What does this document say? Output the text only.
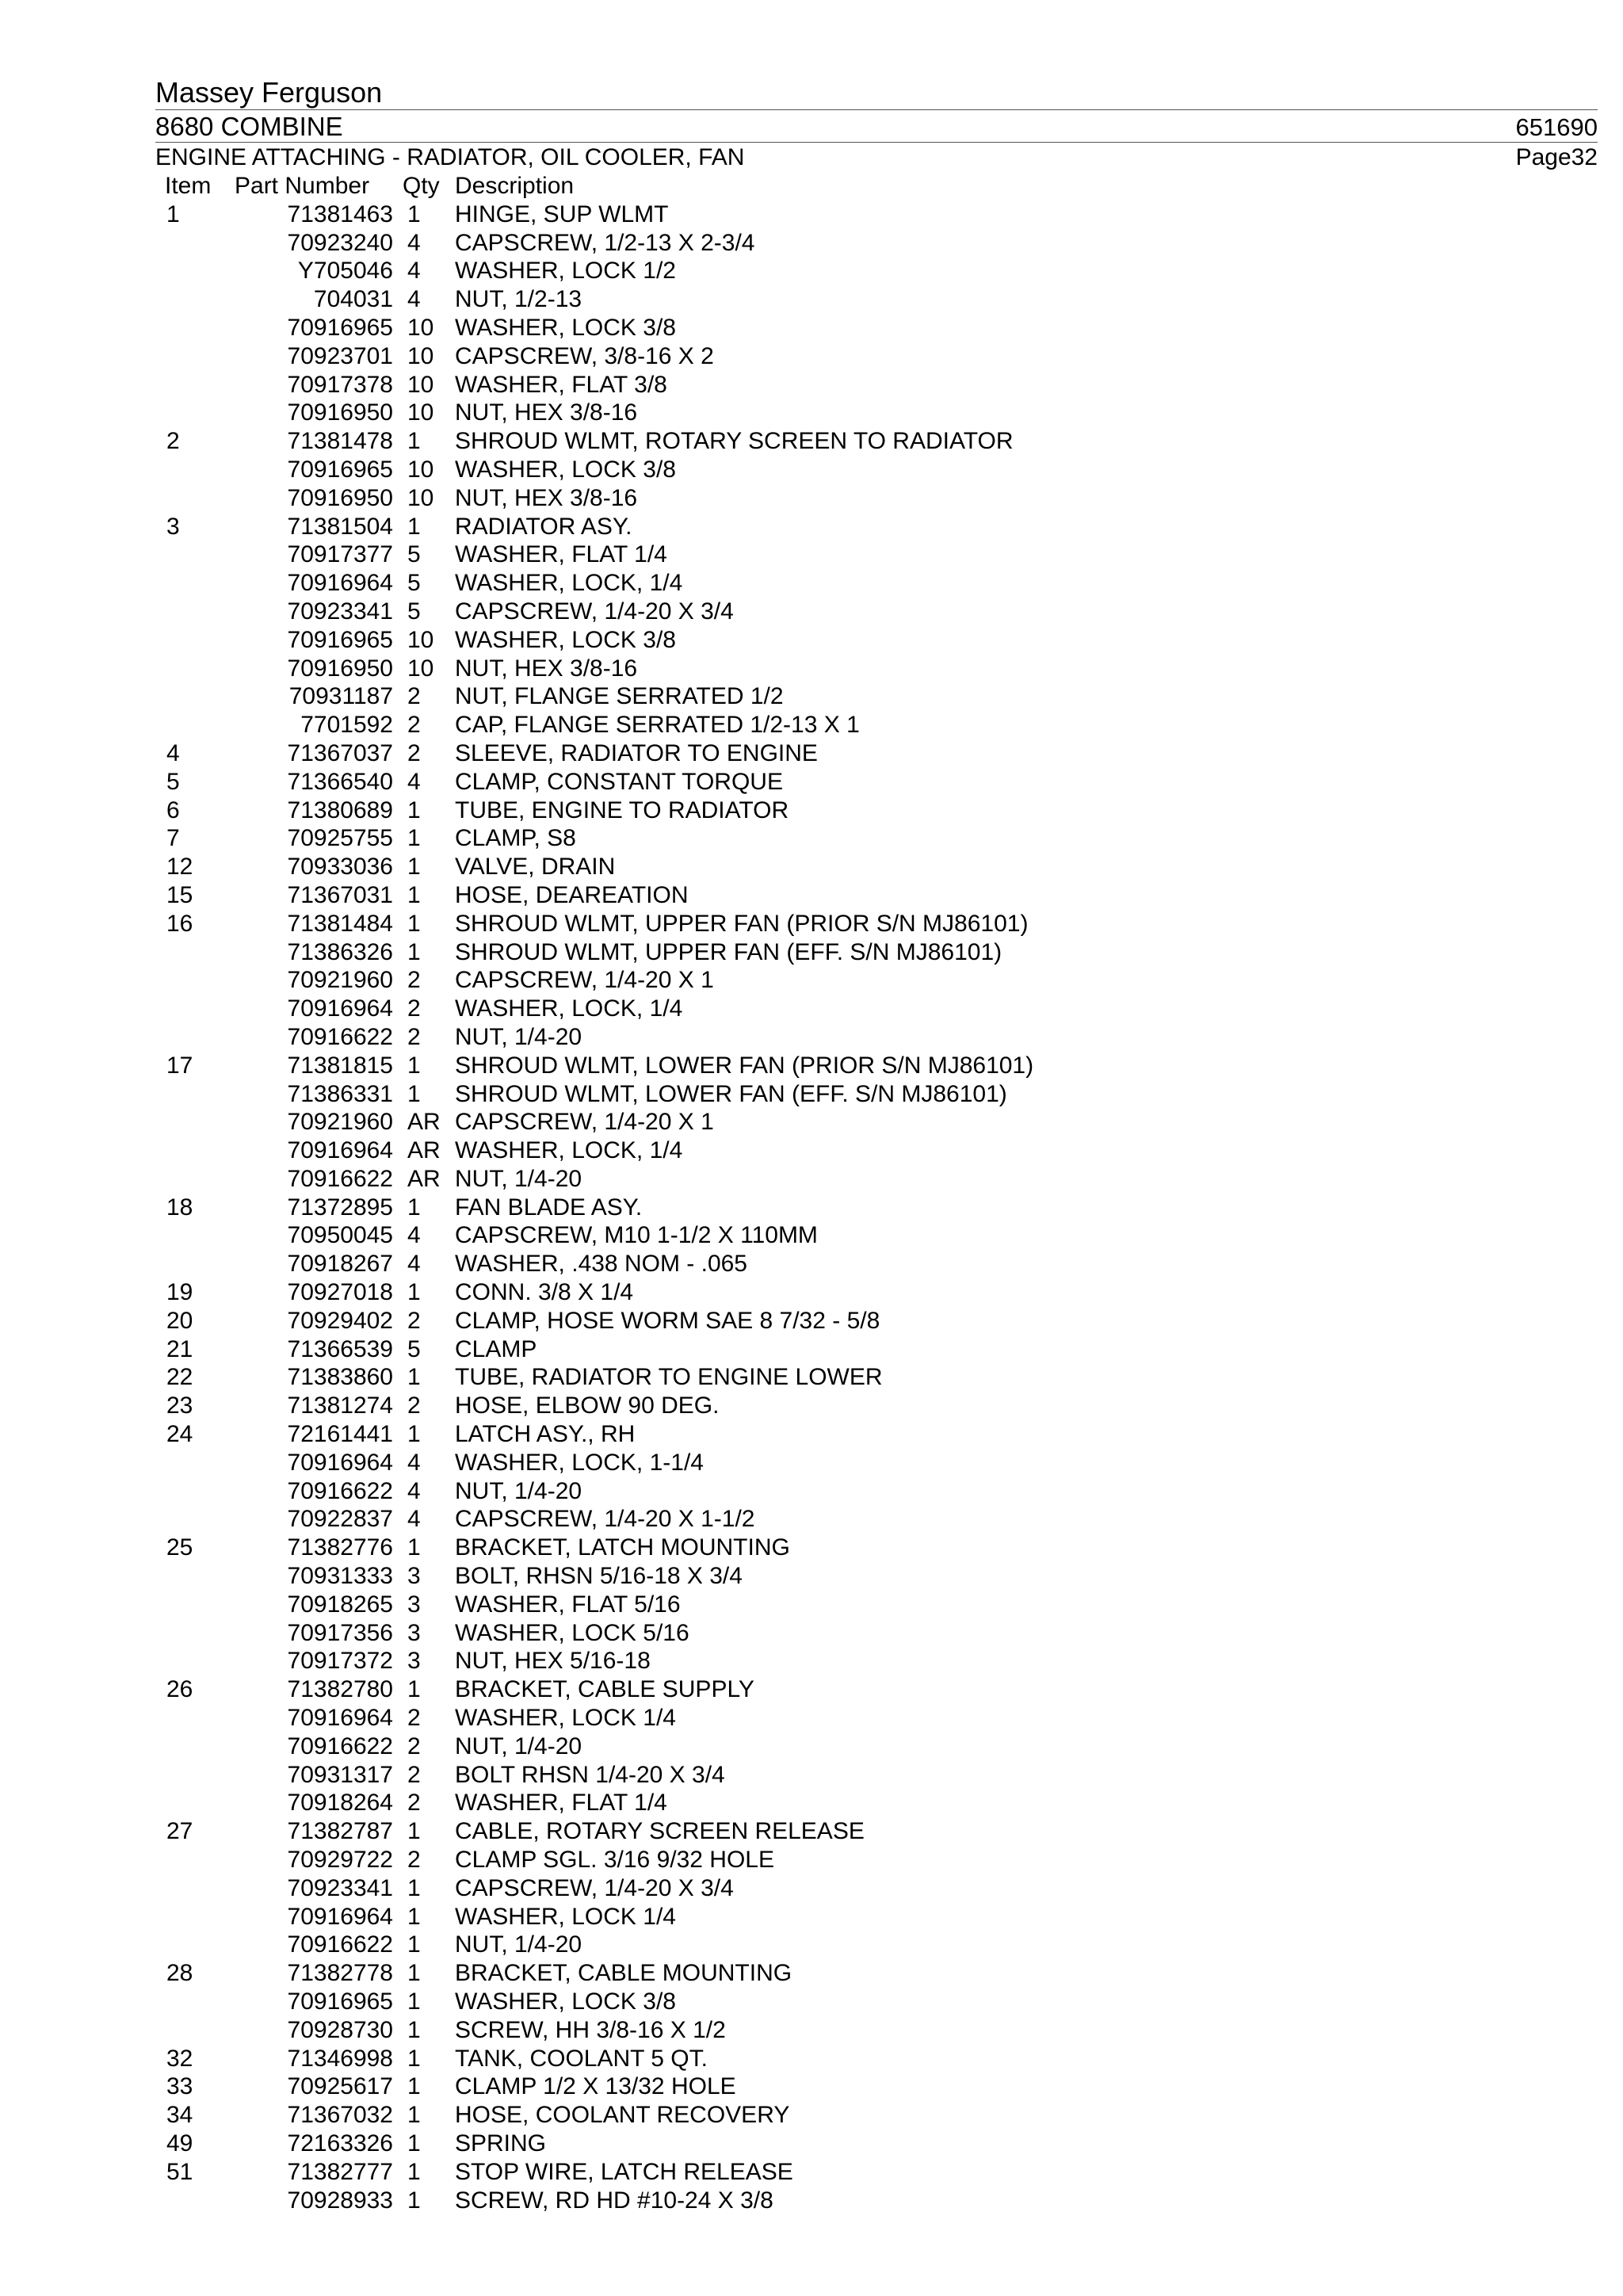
Massey Ferguson
8680 COMBINE	651690
ENGINE ATTACHING - RADIATOR, OIL COOLER, FAN	Page32
Item Part Number	Qty Description
1	71381463 1	HINGE, SUP WLMT
70923240 4	CAPSCREW, 1/2-13 X 2-3/4
Y705046 4	WASHER, LOCK 1/2
704031 4	NUT, 1/2-13
70916965 10 WASHER, LOCK 3/8
70923701 10 CAPSCREW, 3/8-16 X 2
70917378 10 WASHER, FLAT 3/8
70916950 10 NUT, HEX 3/8-16
2	71381478 1	SHROUD WLMT, ROTARY SCREEN TO RADIATOR
70916965 10 WASHER, LOCK 3/8
70916950 10 NUT, HEX 3/8-16
3	71381504 1	RADIATOR ASY.
70917377 5	WASHER, FLAT 1/4
70916964 5	WASHER, LOCK, 1/4
70923341 5	CAPSCREW, 1/4-20 X 3/4
70916965 10 WASHER, LOCK 3/8
70916950 10 NUT, HEX 3/8-16
70931187 2	NUT, FLANGE SERRATED 1/2
7701592 2	CAP, FLANGE SERRATED 1/2-13 X 1
4	71367037 2	SLEEVE, RADIATOR TO ENGINE
5	71366540 4	CLAMP, CONSTANT TORQUE
6	71380689 1	TUBE, ENGINE TO RADIATOR
7	70925755 1	CLAMP, S8
12	70933036 1	VALVE, DRAIN
15	71367031 1	HOSE, DEAREATION
16	71381484 1	SHROUD WLMT, UPPER FAN (PRIOR S/N MJ86101)
71386326 1	SHROUD WLMT, UPPER FAN (EFF. S/N MJ86101)
70921960 2	CAPSCREW, 1/4-20 X 1
70916964 2	WASHER, LOCK, 1/4
70916622 2	NUT, 1/4-20
17	71381815 1	SHROUD WLMT, LOWER FAN (PRIOR S/N MJ86101)
71386331 1	SHROUD WLMT, LOWER FAN (EFF. S/N MJ86101)
70921960 AR CAPSCREW, 1/4-20 X 1
70916964 AR WASHER, LOCK, 1/4
70916622 AR NUT, 1/4-20
18	71372895 1	FAN BLADE ASY.
70950045 4	CAPSCREW, M10 1-1/2 X 110MM
70918267 4	WASHER, .438 NOM - .065
19	70927018 1	CONN. 3/8 X 1/4
20	70929402 2	CLAMP, HOSE WORM SAE 8 7/32 - 5/8
21	71366539 5	CLAMP
22	71383860 1	TUBE, RADIATOR TO ENGINE LOWER
23	71381274 2	HOSE, ELBOW 90 DEG.
24	72161441 1	LATCH ASY., RH
70916964 4	WASHER, LOCK, 1-1/4
70916622 4	NUT, 1/4-20
70922837 4	CAPSCREW, 1/4-20 X 1-1/2
25	71382776 1	BRACKET, LATCH MOUNTING
70931333 3	BOLT, RHSN 5/16-18 X 3/4
70918265 3	WASHER, FLAT 5/16
70917356 3	WASHER, LOCK 5/16
70917372 3	NUT, HEX 5/16-18
26	71382780 1	BRACKET, CABLE SUPPLY
70916964 2	WASHER, LOCK 1/4
70916622 2	NUT, 1/4-20
70931317 2	BOLT RHSN 1/4-20 X 3/4
70918264 2	WASHER, FLAT 1/4
27	71382787 1	CABLE, ROTARY SCREEN RELEASE
70929722 2	CLAMP SGL. 3/16 9/32 HOLE
70923341 1	CAPSCREW, 1/4-20 X 3/4
70916964 1	WASHER, LOCK 1/4
70916622 1	NUT, 1/4-20
28	71382778 1	BRACKET, CABLE MOUNTING
70916965 1	WASHER, LOCK 3/8
70928730 1	SCREW, HH 3/8-16 X 1/2
32	71346998 1	TANK, COOLANT 5 QT.
33	70925617 1	CLAMP 1/2 X 13/32 HOLE
34	71367032 1	HOSE, COOLANT RECOVERY
49	72163326 1	SPRING
51	71382777 1	STOP WIRE, LATCH RELEASE
70928933 1	SCREW, RD HD #10-24 X 3/8
